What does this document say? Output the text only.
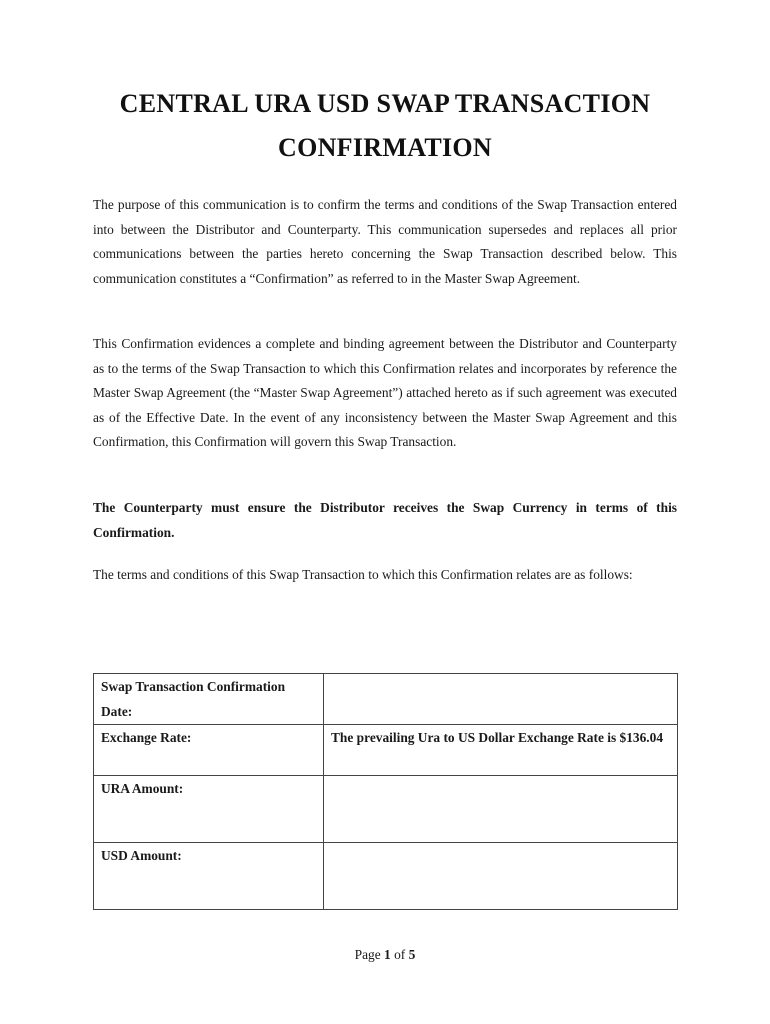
CENTRAL URA USD SWAP TRANSACTION
CONFIRMATION

The purpose of this communication is to confirm the terms and conditions of the Swap Transaction entered into between the Distributor and Counterparty. This communication supersedes and replaces all prior communications between the parties hereto concerning the Swap Transaction described below. This communication constitutes a “Confirmation” as referred to in the Master Swap Agreement.

This Confirmation evidences a complete and binding agreement between the Distributor and Counterparty as to the terms of the Swap Transaction to which this Confirmation relates and incorporates by reference the Master Swap Agreement (the “Master Swap Agreement”) attached hereto as if such agreement was executed as of the Effective Date. In the event of any inconsistency between the Master Swap Agreement and this Confirmation, this Confirmation will govern this Swap Transaction.

The Counterparty must ensure the Distributor receives the Swap Currency in terms of this Confirmation.

The terms and conditions of this Swap Transaction to which this Confirmation relates are as follows:

Swap Transaction Confirmation Date:	
Exchange Rate:	The prevailing Ura to US Dollar Exchange Rate is $136.04
URA Amount:	
USD Amount:	
Page 1 of 5
